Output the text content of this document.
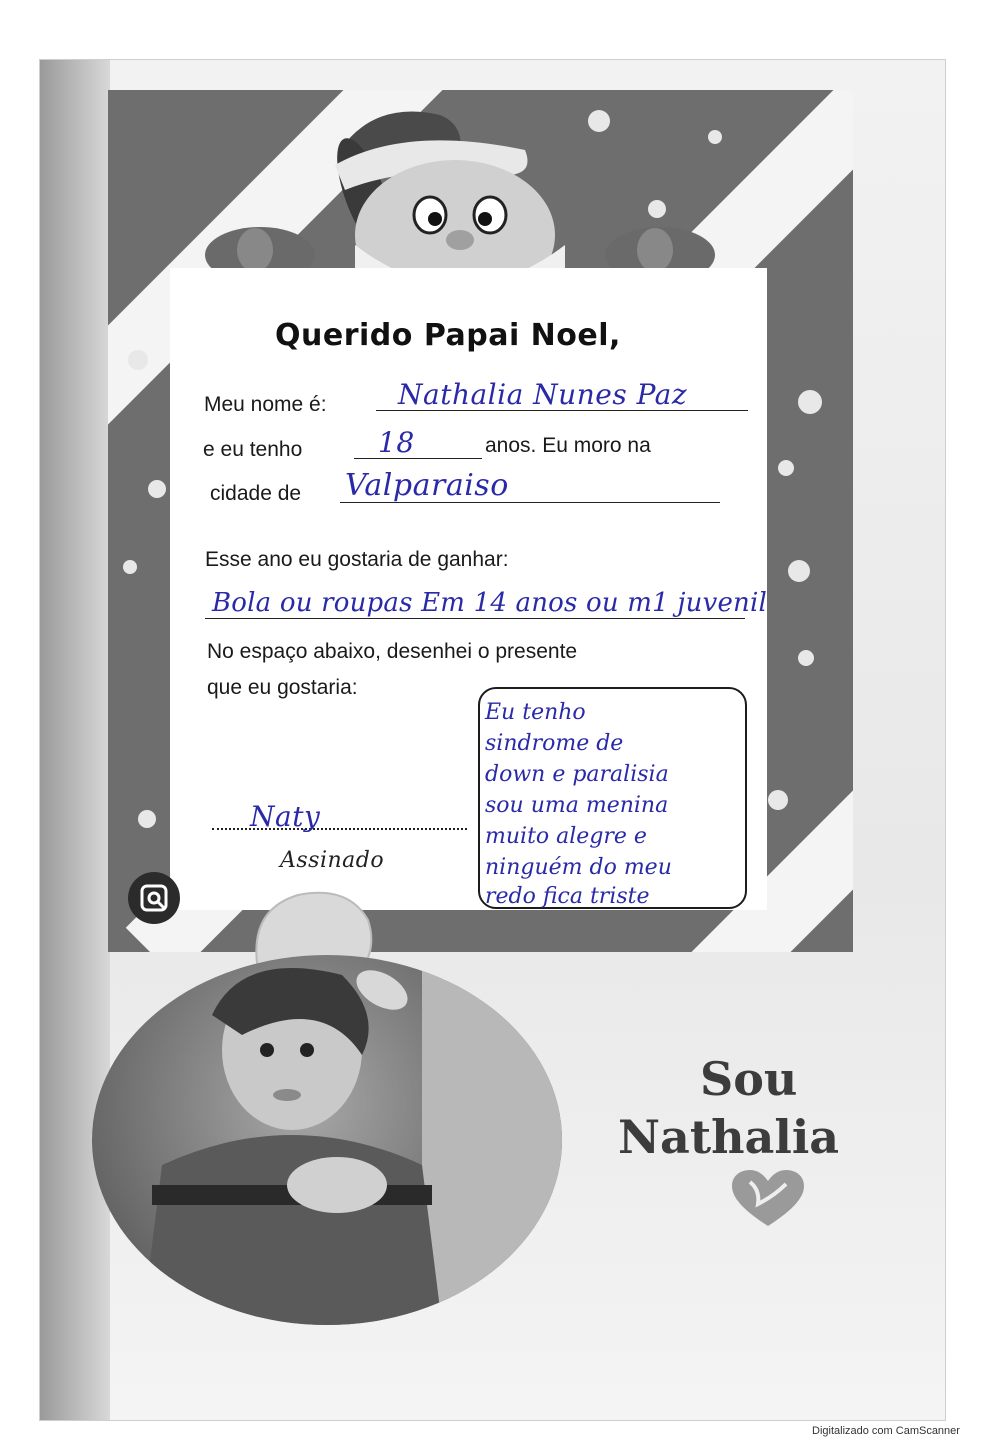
Querido Papai Noel,
Meu nome é:	Nathalia Nunes Paz
e eu tenho	18	anos. Eu moro na
cidade de Valparaiso
Esse ano eu gostaria de ganhar:
Bola ou roupas Em 14 anos ou m1 juvenil
No espaço abaixo, desenhei o presente
que eu gostaria:
Eu tenho
sindrome de
down e paralisia
sou uma menina
muito alegre e
ninguém do meu
redo fica triste
Naty
Assinado
Sou
Nathalia
Digitalizado com CamScanner
